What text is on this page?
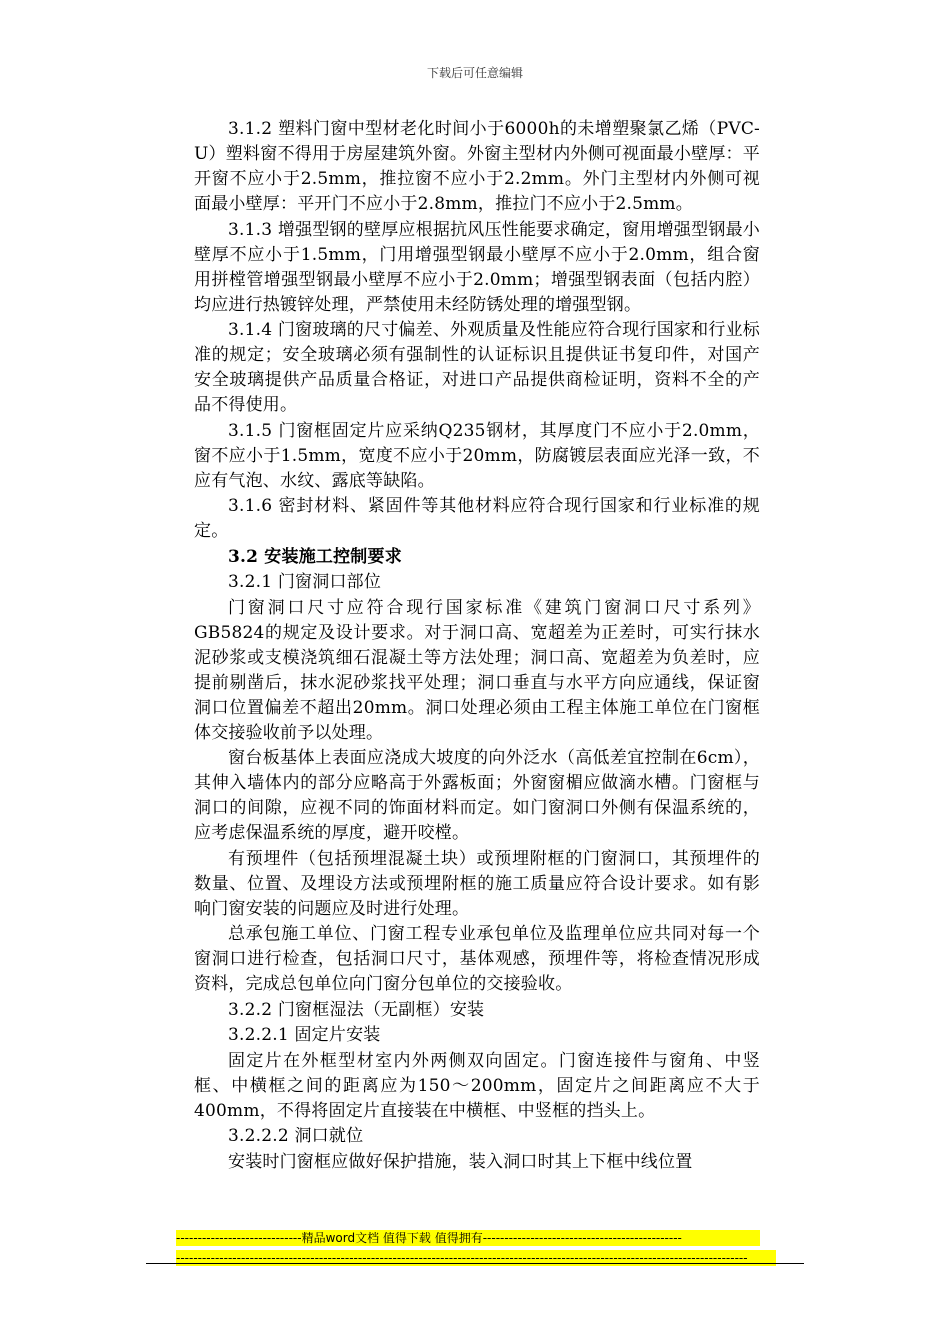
下载后可任意编辑

3.1.2 塑料门窗中型材老化时间小于6000h的未增塑聚氯乙烯（PVC-U）塑料窗不得用于房屋建筑外窗。外窗主型材内外侧可视面最小壁厚：平开窗不应小于2.5mm，推拉窗不应小于2.2mm。外门主型材内外侧可视面最小壁厚：平开门不应小于2.8mm，推拉门不应小于2.5mm。

3.1.3 增强型钢的壁厚应根据抗风压性能要求确定，窗用增强型钢最小壁厚不应小于1.5mm，门用增强型钢最小壁厚不应小于2.0mm，组合窗用拼樘管增强型钢最小壁厚不应小于2.0mm；增强型钢表面（包括内腔）均应进行热镀锌处理，严禁使用未经防锈处理的增强型钢。

3.1.4 门窗玻璃的尺寸偏差、外观质量及性能应符合现行国家和行业标准的规定；安全玻璃必须有强制性的认证标识且提供证书复印件，对国产安全玻璃提供产品质量合格证，对进口产品提供商检证明，资料不全的产品不得使用。

3.1.5 门窗框固定片应采纳Q235钢材，其厚度门不应小于2.0mm，窗不应小于1.5mm，宽度不应小于20mm，防腐镀层表面应光泽一致，不应有气泡、水纹、露底等缺陷。

3.1.6 密封材料、紧固件等其他材料应符合现行国家和行业标准的规定。

3.2 安装施工控制要求

3.2.1 门窗洞口部位

门窗洞口尺寸应符合现行国家标准《建筑门窗洞口尺寸系列》GB5824的规定及设计要求。对于洞口高、宽超差为正差时，可实行抹水泥砂浆或支模浇筑细石混凝土等方法处理；洞口高、宽超差为负差时，应提前剔凿后，抹水泥砂浆找平处理；洞口垂直与水平方向应通线，保证窗洞口位置偏差不超出20mm。洞口处理必须由工程主体施工单位在门窗框体交接验收前予以处理。

窗台板基体上表面应浇成大坡度的向外泛水（高低差宜控制在6cm），其伸入墙体内的部分应略高于外露板面；外窗窗楣应做滴水槽。门窗框与洞口的间隙，应视不同的饰面材料而定。如门窗洞口外侧有保温系统的，应考虑保温系统的厚度，避开咬樘。

有预埋件（包括预埋混凝土块）或预埋附框的门窗洞口，其预埋件的数量、位置、及埋设方法或预埋附框的施工质量应符合设计要求。如有影响门窗安装的问题应及时进行处理。

总承包施工单位、门窗工程专业承包单位及监理单位应共同对每一个窗洞口进行检查，包括洞口尺寸，基体观感，预埋件等，将检查情况形成资料，完成总包单位向门窗分包单位的交接验收。

3.2.2 门窗框湿法（无副框）安装

3.2.2.1 固定片安装

固定片在外框型材室内外两侧双向固定。门窗连接件与窗角、中竖框、中横框之间的距离应为150～200mm，固定片之间距离应不大于400mm，不得将固定片直接装在中横框、中竖框的挡头上。

3.2.2.2 洞口就位

安装时门窗框应做好保护措施，装入洞口时其上下框中线位置

-----------------------------精品word文档 值得下载 值得拥有----------------------------------------------
------------------------------------------------------------------------------------------------------------------------------------
